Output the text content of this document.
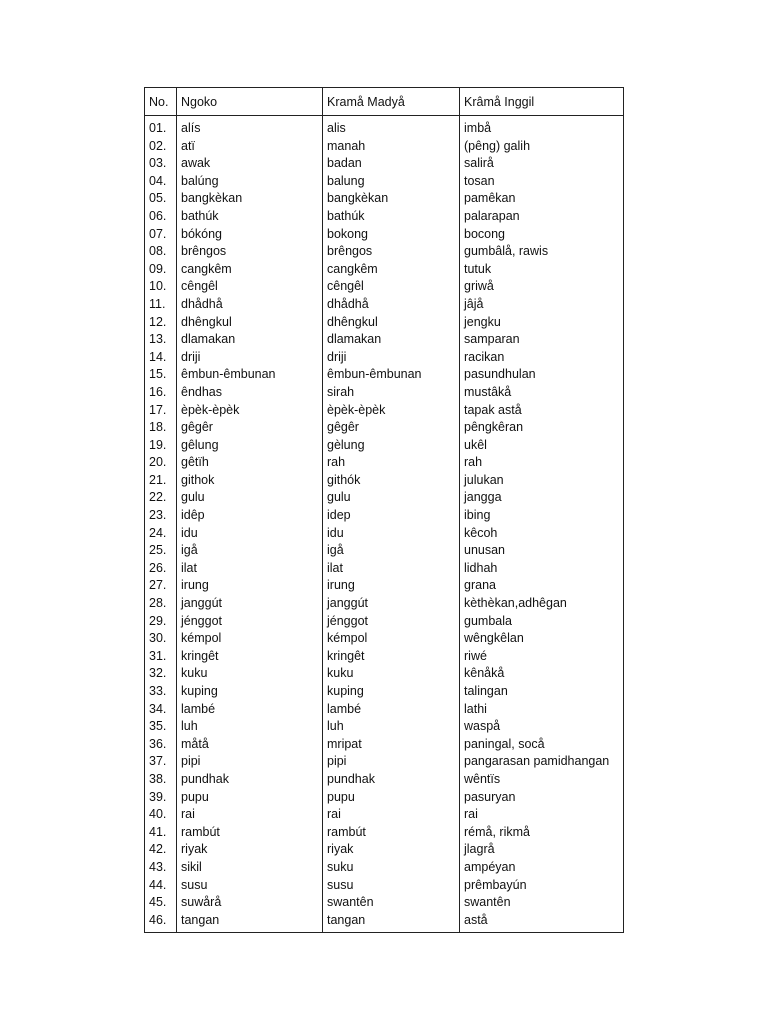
No.	Ngoko	Kramå Madyå	Krâmå Inggil
01.	alís	alis	imbå
02.	atï	manah	(pêng) galih
03.	awak	badan	salirå
04.	balúng	balung	tosan
05.	bangkèkan	bangkèkan	pamêkan
06.	bathúk	bathúk	palarapan
07.	bókóng	bokong	bocong
08.	brêngos	brêngos	gumbâlå, rawis
09.	cangkêm	cangkêm	tutuk
10.	cêngêl	cêngêl	griwå
11.	dhådhå	dhådhå	jâjå
12.	dhêngkul	dhêngkul	jengku
13.	dlamakan	dlamakan	samparan
14.	driji	driji	racikan
15.	êmbun-êmbunan	êmbun-êmbunan	pasundhulan
16.	êndhas	sirah	mustâkå
17.	èpèk-èpèk	èpèk-èpèk	tapak astå
18.	gêgêr	gêgêr	pêngkêran
19.	gêlung	gèlung	ukêl
20.	gêtïh	rah	rah
21.	githok	githók	julukan
22.	gulu	gulu	jangga
23.	idêp	idep	ibing
24.	idu	idu	kêcoh
25.	igå	igå	unusan
26.	ilat	ilat	lidhah
27.	irung	irung	grana
28.	janggút	janggút	kèthèkan,adhêgan
29.	jénggot	jénggot	gumbala
30.	kémpol	kémpol	wêngkêlan
31.	kringêt	kringêt	riwé
32.	kuku	kuku	kênåkå
33.	kuping	kuping	talingan
34.	lambé	lambé	lathi
35.	luh	luh	waspå
36.	måtå	mripat	paningal, socå
37.	pipi	pipi	pangarasan pamidhangan
38.	pundhak	pundhak	wêntïs
39.	pupu	pupu	pasuryan
40.	rai	rai	rai
41.	rambút	rambút	rémå, rikmå
42.	riyak	riyak	jlagrå
43.	sikil	suku	ampéyan
44.	susu	susu	prêmbayún
45.	suwårå	swantên	swantên
46.	tangan	tangan	astå
